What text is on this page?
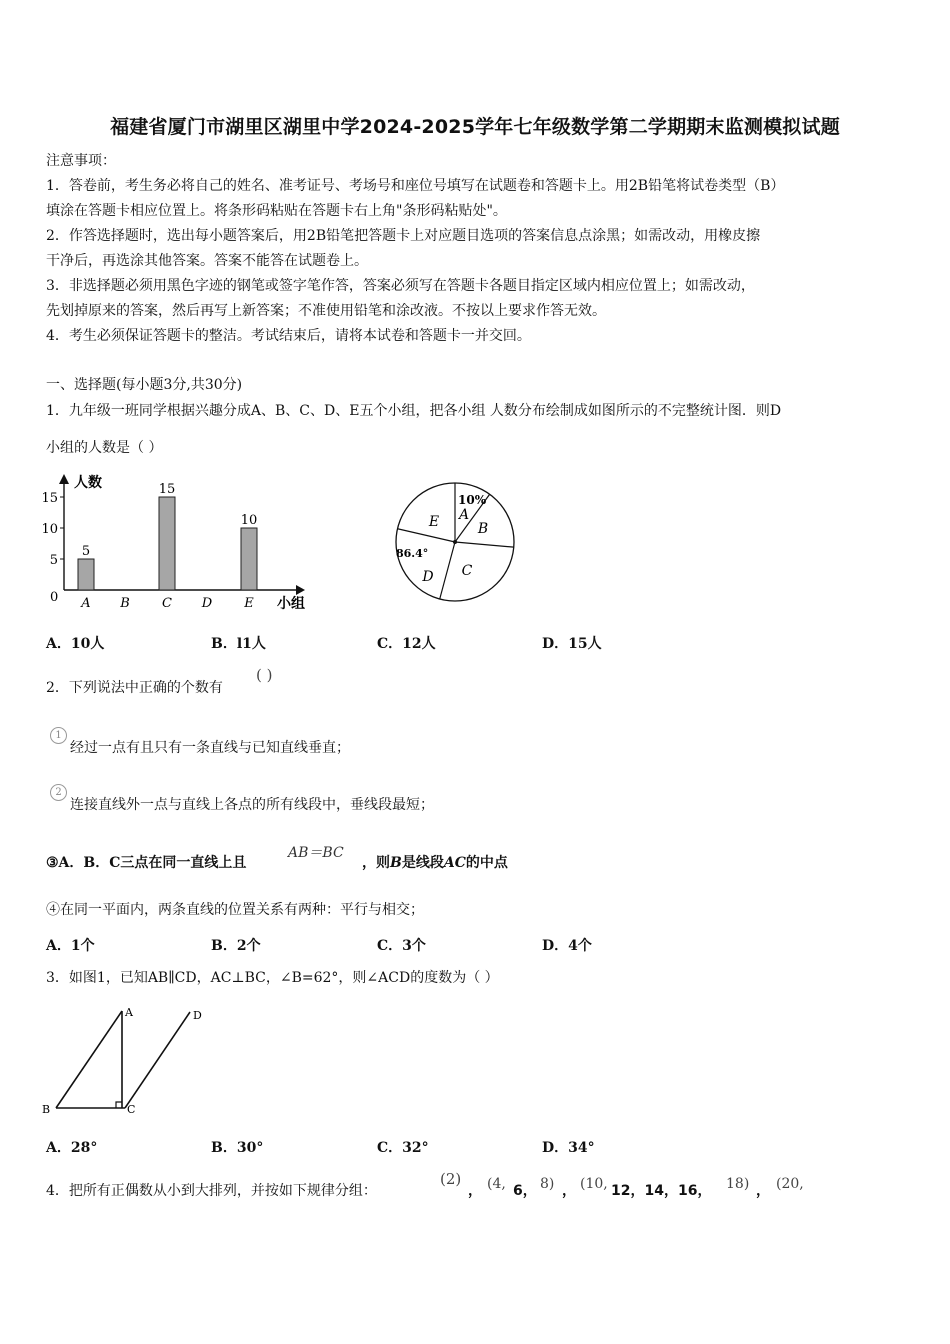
福建省厦门市湖里区湖里中学2024-2025学年七年级数学第二学期期末监测模拟试题
注意事项：
1．答卷前，考生务必将自己的姓名、准考证号、考场号和座位号填写在试题卷和答题卡上。用2B铅笔将试卷类型（B）
填涂在答题卡相应位置上。将条形码粘贴在答题卡右上角"条形码粘贴处"。
2．作答选择题时，选出每小题答案后，用2B铅笔把答题卡上对应题目选项的答案信息点涂黑；如需改动，用橡皮擦
干净后，再选涂其他答案。答案不能答在试题卷上。
3．非选择题必须用黑色字迹的钢笔或签字笔作答，答案必须写在答题卡各题目指定区域内相应位置上；如需改动，
先划掉原来的答案，然后再写上新答案；不准使用铅笔和涂改液。不按以上要求作答无效。
4．考生必须保证答题卡的整洁。考试结束后，请将本试卷和答题卡一并交回。
一、选择题(每小题3分,共30分)
1．九年级一班同学根据兴趣分成A、B、C、D、E五个小组，把各小组 人数分布绘制成如图所示的不完整统计图．则D
小组的人数是（ ）
人数
小组
0
5
10
15
5
A B
15
C D
10
E
A
B
C
D
E
10%
86.4°
A．10人	B．l1人	C．12人	D．15人
2．下列说法中正确的个数有
( )
1
经过一点有且只有一条直线与已知直线垂直；
2
连接直线外一点与直线上各点的所有线段中，垂线段最短；
③A．B．C三点在同一直线上且
AB＝BC
，则B是线段AC的中点
④在同一平面内，两条直线的位置关系有两种：平行与相交；
A．1个	B．2个	C．3个	D．4个
3．如图1，已知AB∥CD，AC⊥BC，∠B=62°，则∠ACD的度数为（ ）
A
B	C
D
A．28°	B．30°	C．32°	D．34°
4．把所有正偶数从小到大排列，并按如下规律分组：
(2)
， (4, 6， 8) ， (10, 12，14，16， 18) ， (20,
